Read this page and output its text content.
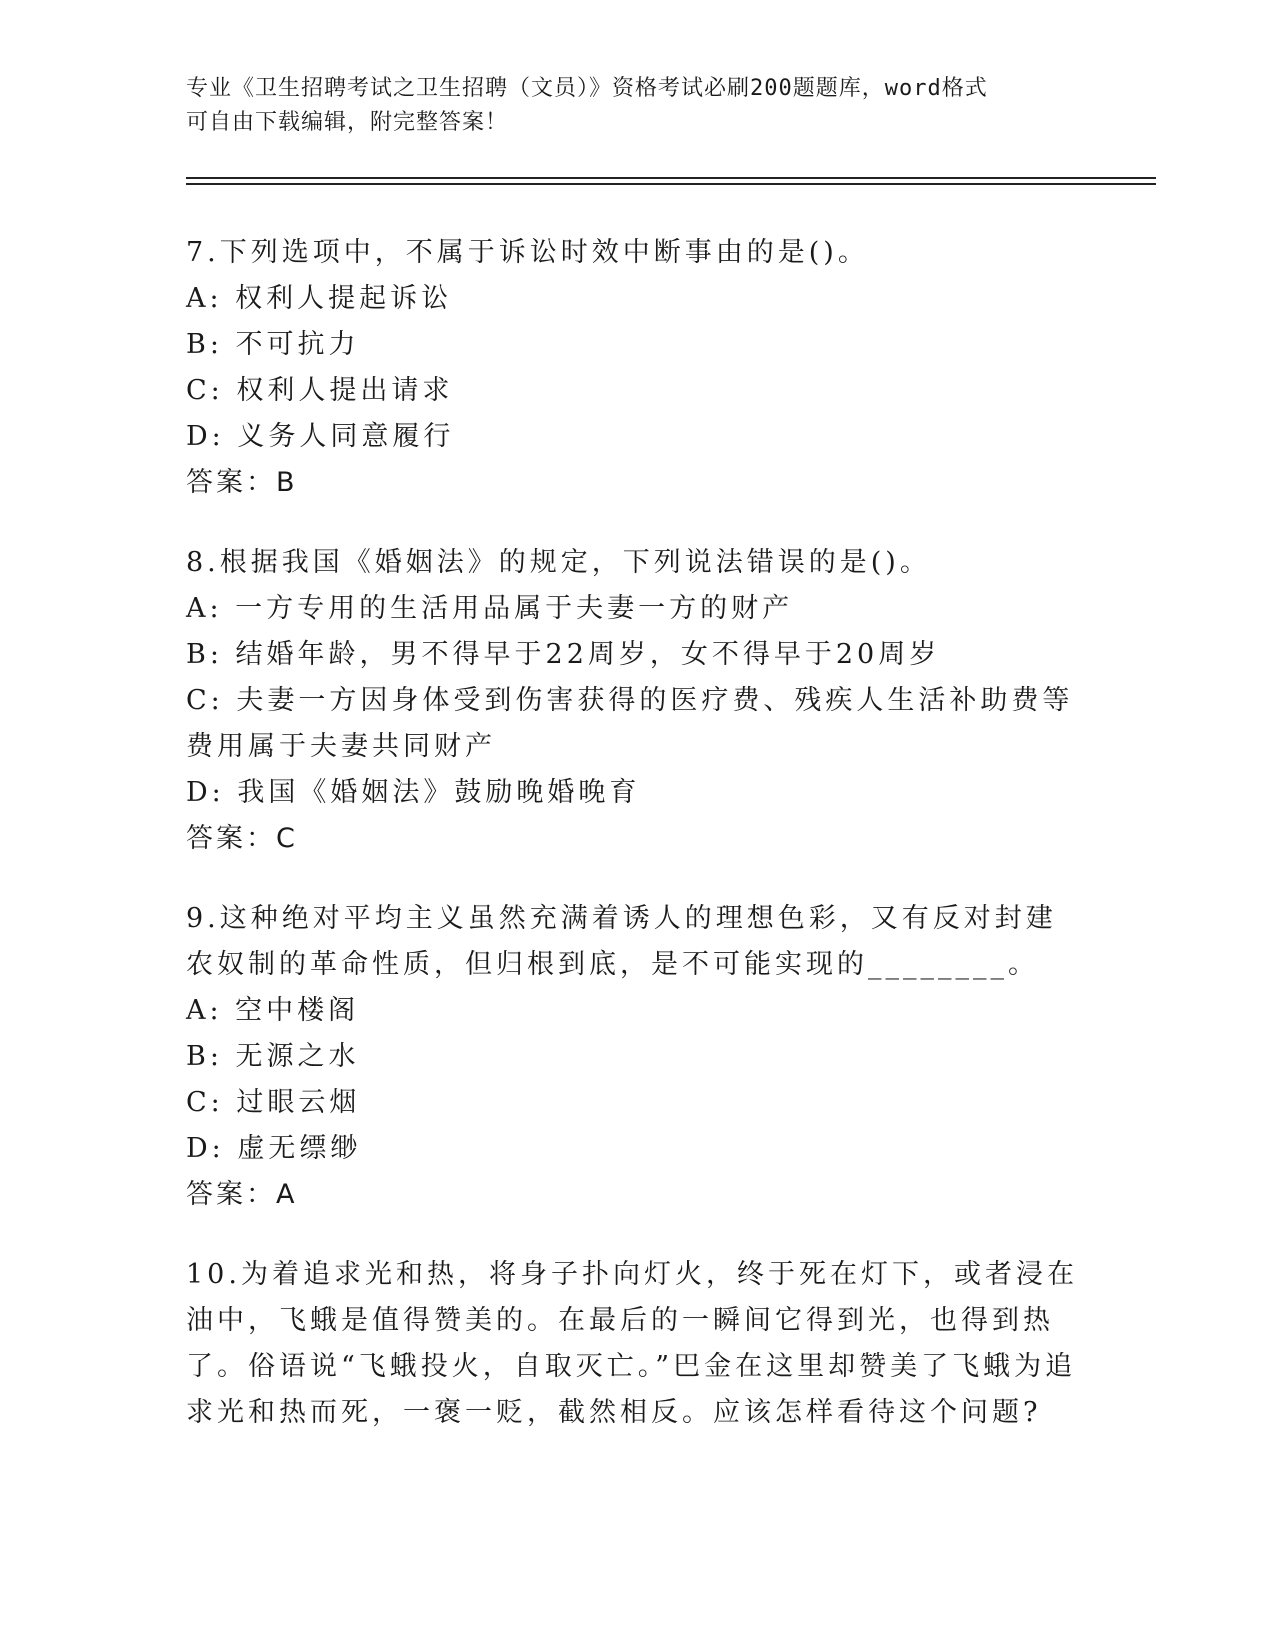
专业《卫生招聘考试之卫生招聘（文员）》资格考试必刷200题题库，word格式
可自由下载编辑，附完整答案！
7.下列选项中，不属于诉讼时效中断事由的是()。
A: 权利人提起诉讼
B: 不可抗力
C: 权利人提出请求
D: 义务人同意履行
答案：B
8.根据我国《婚姻法》的规定，下列说法错误的是()。
A: 一方专用的生活用品属于夫妻一方的财产
B: 结婚年龄，男不得早于22周岁，女不得早于20周岁
C: 夫妻一方因身体受到伤害获得的医疗费、残疾人生活补助费等费用属于夫妻共同财产
D: 我国《婚姻法》鼓励晚婚晚育
答案：C
9.这种绝对平均主义虽然充满着诱人的理想色彩，又有反对封建农奴制的革命性质，但归根到底，是不可能实现的________。
A: 空中楼阁
B: 无源之水
C: 过眼云烟
D: 虚无缥缈
答案：A
10.为着追求光和热，将身子扑向灯火，终于死在灯下，或者浸在油中，飞蛾是值得赞美的。在最后的一瞬间它得到光，也得到热了。俗语说“飞蛾投火，自取灭亡。”巴金在这里却赞美了飞蛾为追求光和热而死，一褒一贬，截然相反。应该怎样看待这个问题?
